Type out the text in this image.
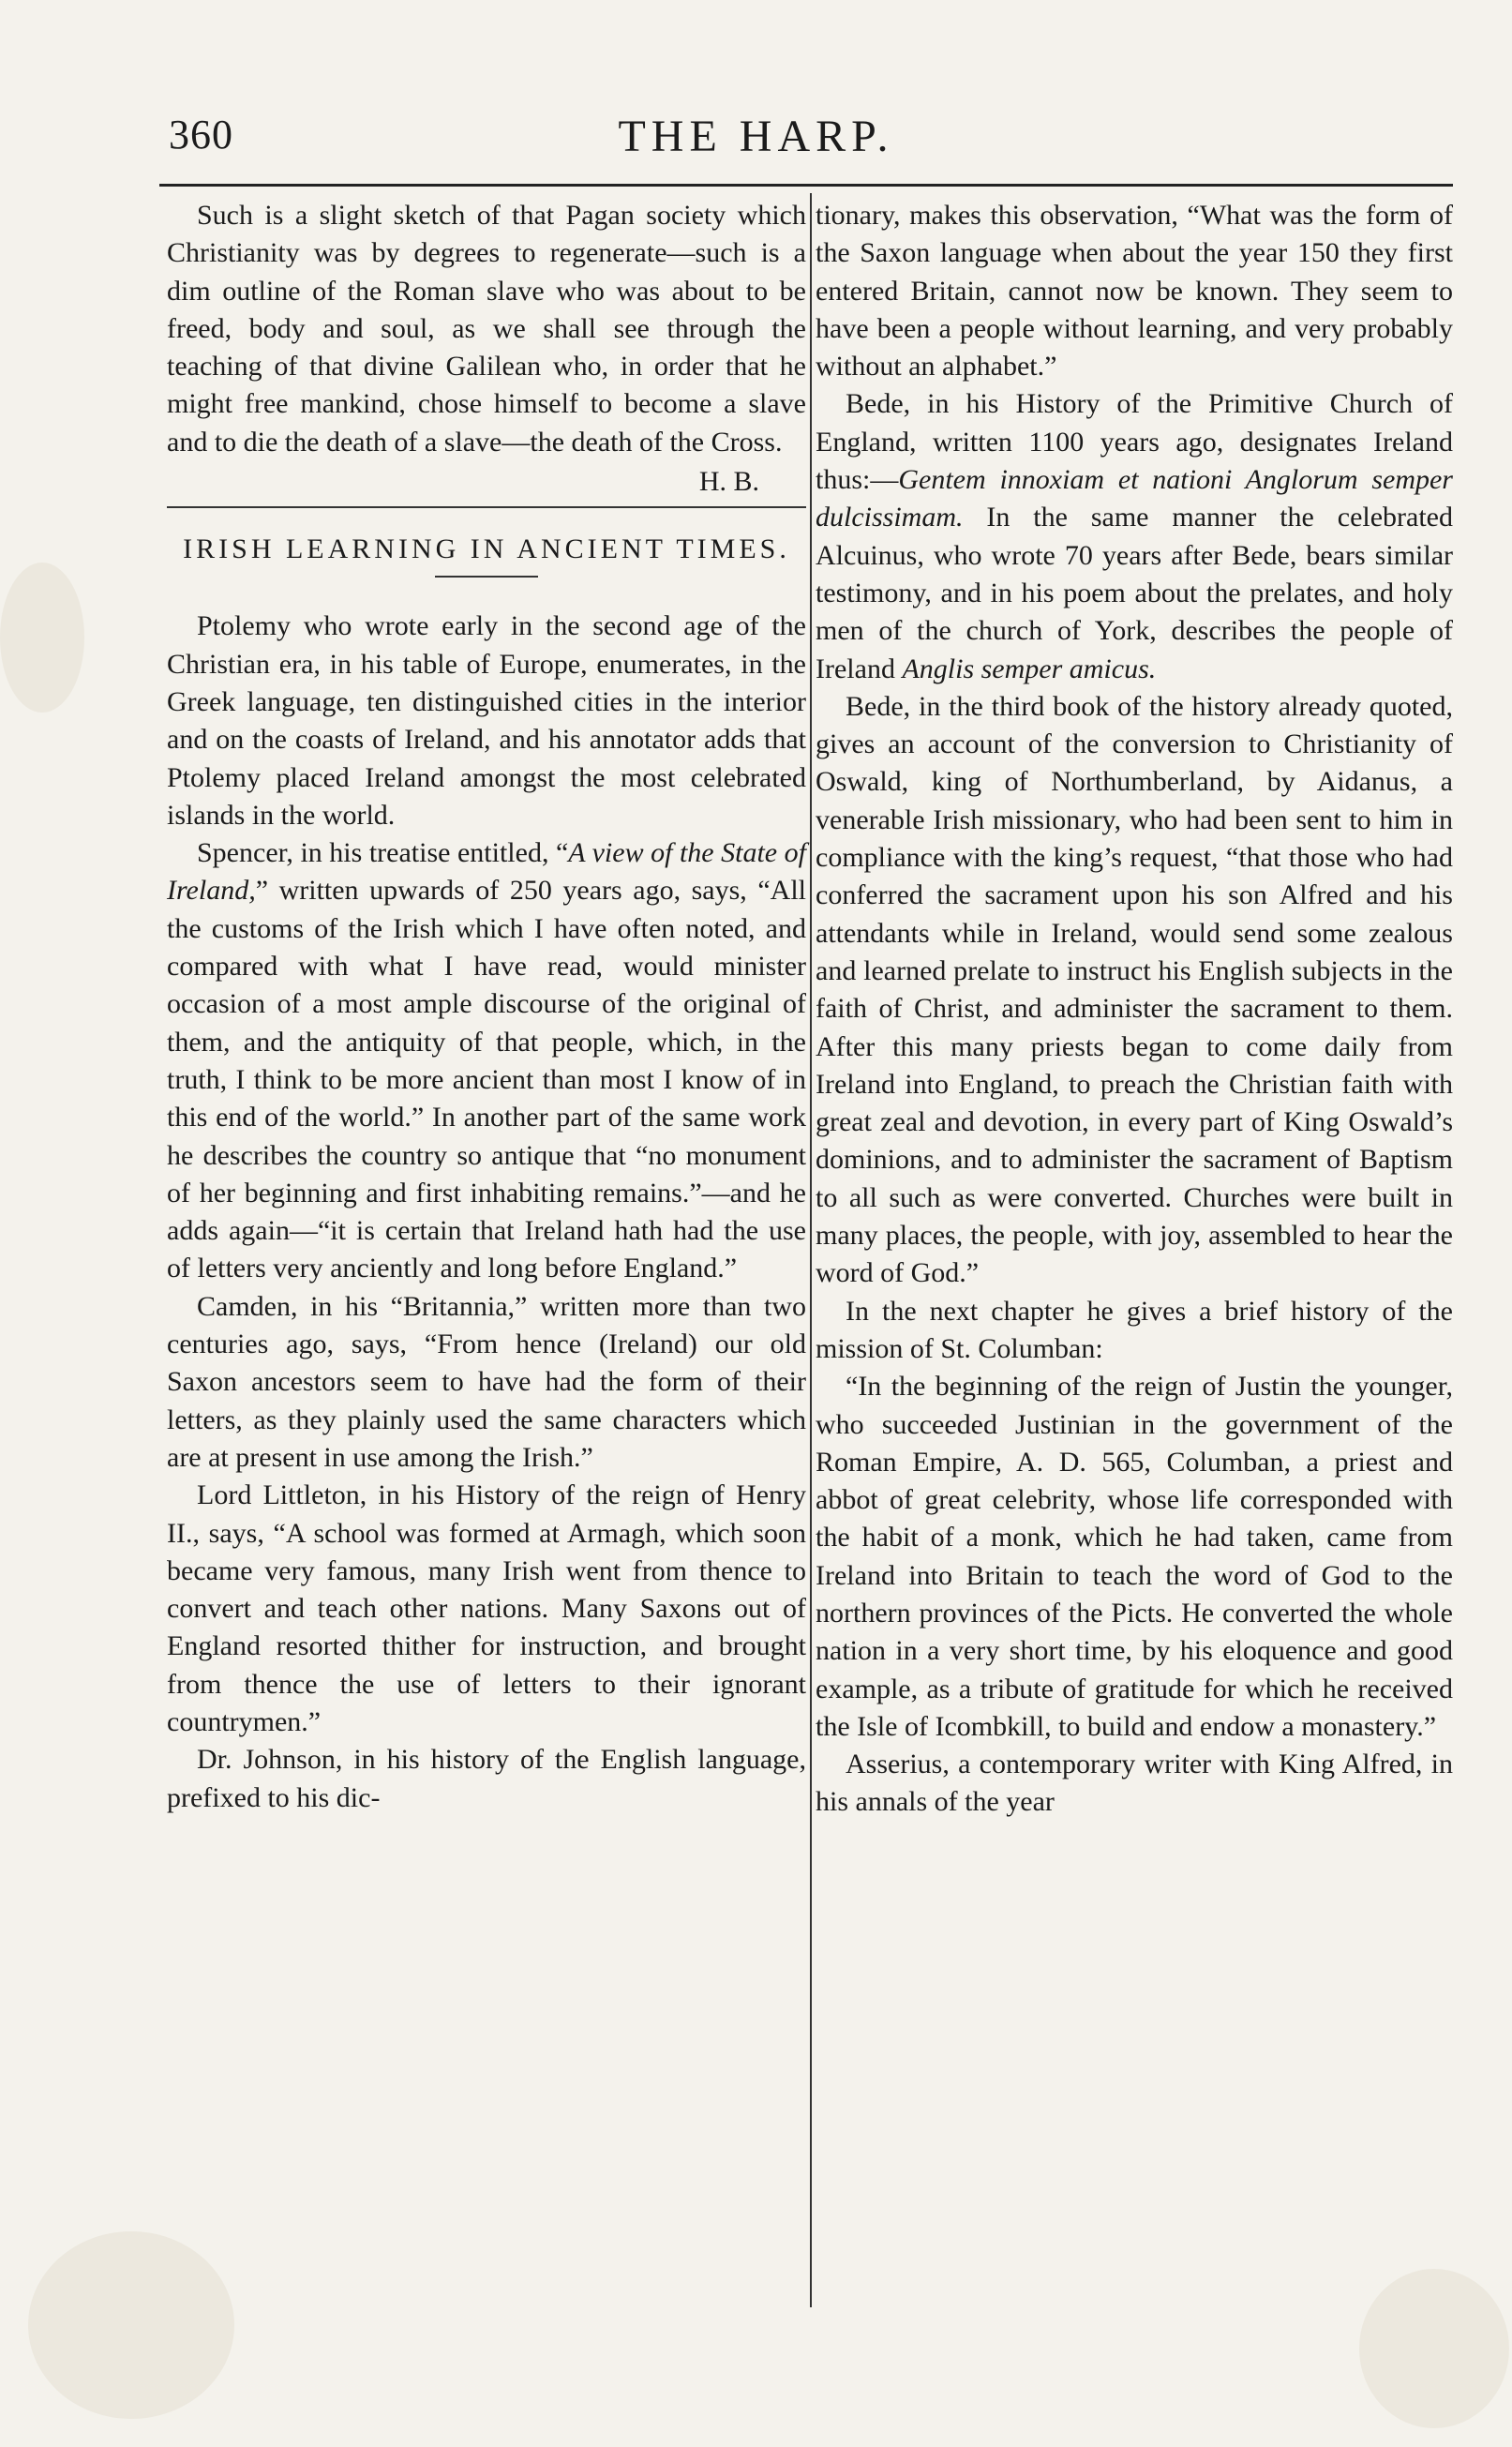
360	THE HARP.

Such is a slight sketch of that Pagan society which Christianity was by degrees to regenerate—such is a dim outline of the Roman slave who was about to be freed, body and soul, as we shall see through the teaching of that divine Galilean who, in order that he might free mankind, chose himself to become a slave and to die the death of a slave—the death of the Cross.

H. B.
IRISH LEARNING IN ANCIENT TIMES.

Ptolemy who wrote early in the second age of the Christian era, in his table of Europe, enumerates, in the Greek language, ten distinguished cities in the interior and on the coasts of Ireland, and his annotator adds that Ptolemy placed Ireland amongst the most celebrated islands in the world.

Spencer, in his treatise entitled, “A view of the State of Ireland,” written upwards of 250 years ago, says, “All the customs of the Irish which I have often noted, and compared with what I have read, would minister occasion of a most ample discourse of the original of them, and the antiquity of that people, which, in the truth, I think to be more ancient than most I know of in this end of the world.” In another part of the same work he describes the country so antique that “no monument of her beginning and first inhabiting remains.”—and he adds again—“it is certain that Ireland hath had the use of letters very anciently and long before England.”

Camden, in his “Britannia,” written more than two centuries ago, says, “From hence (Ireland) our old Saxon ancestors seem to have had the form of their letters, as they plainly used the same characters which are at present in use among the Irish.”

Lord Littleton, in his History of the reign of Henry II., says, “A school was formed at Armagh, which soon became very famous, many Irish went from thence to convert and teach other nations. Many Saxons out of England resorted thither for instruction, and brought from thence the use of letters to their ignorant countrymen.”

Dr. Johnson, in his history of the English language, prefixed to his dic-

tionary, makes this observation, “What was the form of the Saxon language when about the year 150 they first entered Britain, cannot now be known. They seem to have been a people without learning, and very probably without an alphabet.”

Bede, in his History of the Primitive Church of England, written 1100 years ago, designates Ireland thus:—Gentem innoxiam et nationi Anglorum semper dulcissimam. In the same manner the celebrated Alcuinus, who wrote 70 years after Bede, bears similar testimony, and in his poem about the prelates, and holy men of the church of York, describes the people of Ireland Anglis semper amicus.

Bede, in the third book of the history already quoted, gives an account of the conversion to Christianity of Oswald, king of Northumberland, by Aidanus, a venerable Irish missionary, who had been sent to him in compliance with the king’s request, “that those who had conferred the sacrament upon his son Alfred and his attendants while in Ireland, would send some zealous and learned prelate to instruct his English subjects in the faith of Christ, and administer the sacrament to them. After this many priests began to come daily from Ireland into England, to preach the Christian faith with great zeal and devotion, in every part of King Oswald’s dominions, and to administer the sacrament of Baptism to all such as were converted. Churches were built in many places, the people, with joy, assembled to hear the word of God.”

In the next chapter he gives a brief history of the mission of St. Columban:

“In the beginning of the reign of Justin the younger, who succeeded Justinian in the government of the Roman Empire, A. D. 565, Columban, a priest and abbot of great celebrity, whose life corresponded with the habit of a monk, which he had taken, came from Ireland into Britain to teach the word of God to the northern provinces of the Picts. He converted the whole nation in a very short time, by his eloquence and good example, as a tribute of gratitude for which he received the Isle of Icombkill, to build and endow a monastery.”

Asserius, a contemporary writer with King Alfred, in his annals of the year
